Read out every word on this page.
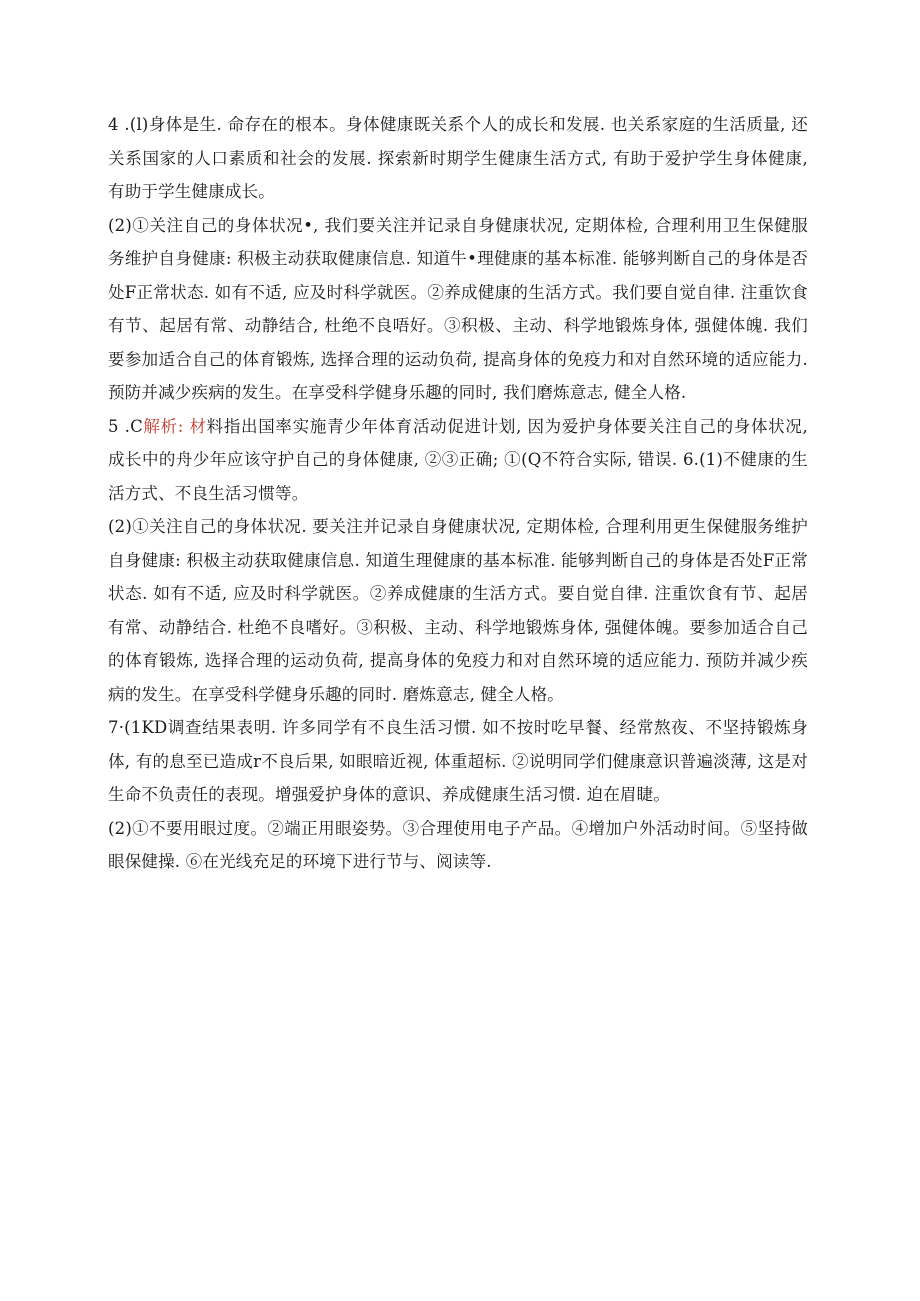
4 .(l)身体是生. 命存在的根本。身体健康既关系个人的成长和发展. 也关系家庭的生活质量, 还关系国家的人口素质和社会的发展. 探索新时期学生健康生活方式, 有助于爱护学生身体健康, 有助于学生健康成长。

(2)①关注自己的身体状况•, 我们要关注并记录自身健康状况, 定期体检, 合理利用卫生保健服务维护自身健康: 积极主动获取健康信息. 知道牛•理健康的基本标准. 能够判断自己的身体是否处F正常状态. 如有不适, 应及时科学就医。②养成健康的生活方式。我们要自觉自律. 注重饮食有节、起居有常、动静结合, 杜绝不良唔好。③积极、主动、科学地锻炼身体, 强健体魄. 我们要参加适合自己的体育锻炼, 选择合理的运动负荷, 提高身体的免疫力和对自然环境的适应能力. 预防并减少疾病的发生。在享受科学健身乐趣的同时, 我们磨炼意志, 健全人格.

5 .C解析: 材料指出国率实施青少年体育活动促进计划, 因为爱护身体要关注自己的身体状况, 成长中的舟少年应该守护自己的身体健康, ②③正确; ①(Q不符合实际, 错误. 6.(1)不健康的生活方式、不良生活习惯等。

(2)①关注自己的身体状况. 要关注并记录自身健康状况, 定期体检, 合理利用更生保健服务维护自身健康: 积极主动获取健康信息. 知道生理健康的基本标准. 能够判断自己的身体是否处F正常状态. 如有不适, 应及时科学就医。②养成健康的生活方式。要自觉自律. 注重饮食有节、起居有常、动静结合. 杜绝不良嗜好。③积极、主动、科学地锻炼身体, 强健体魄。要参加适合自己的体育锻炼, 选择合理的运动负荷, 提高身体的免疫力和对自然环境的适应能力. 预防并减少疾病的发生。在享受科学健身乐趣的同时. 磨炼意志, 健全人格。

7·(1KD调查结果表明. 许多同学有不良生活习惯. 如不按时吃早餐、经常熬夜、不坚持锻炼身体, 有的息至已造成r不良后果, 如眼暗近视, 体重超标. ②说明同学们健康意识普遍淡薄, 这是对生命不负责任的表现。增强爱护身体的意识、养成健康生活习惯. 迫在眉睫。

(2)①不要用眼过度。②端正用眼姿势。③合理使用电子产品。④增加户外活动时间。⑤坚持做眼保健操. ⑥在光线充足的环境下进行节与、阅读等.
